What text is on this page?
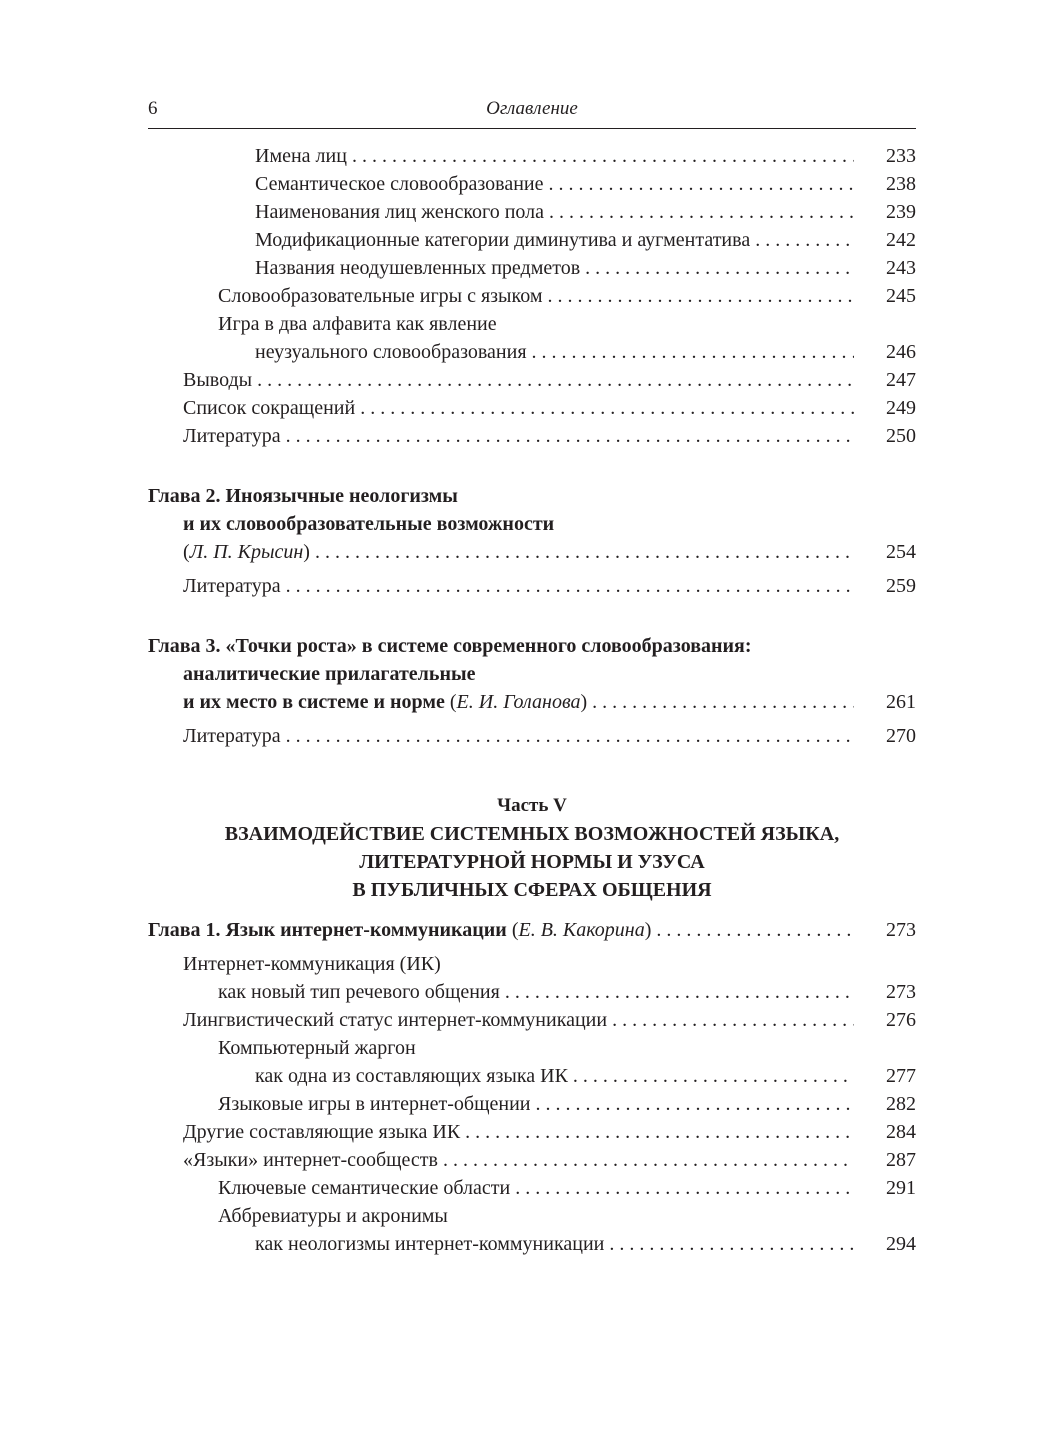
6	Оглавление
Имена лиц . . .	233
Семантическое словообразование . . .	238
Наименования лиц женского пола . . .	239
Модификационные категории диминутива и аугментатива . . .	242
Названия неодушевленных предметов . . .	243
Словообразовательные игры с языком . . .	245
Игра в два алфавита как явление
неузуального словообразования . . .	246
Выводы . . .	247
Список сокращений . . .	249
Литература . . .	250
Глава 2. Иноязычные неологизмы
и их словообразовательные возможности
(Л. П. Крысин) . . .	254
Литература . . .	259
Глава 3. «Точки роста» в системе современного словообразования:
аналитические прилагательные
и их место в системе и норме (Е. И. Голанова) . . .	261
Литература . . .	270
Часть V
ВЗАИМОДЕЙСТВИЕ СИСТЕМНЫХ ВОЗМОЖНОСТЕЙ ЯЗЫКА,
ЛИТЕРАТУРНОЙ НОРМЫ И УЗУСА
В ПУБЛИЧНЫХ СФЕРАХ ОБЩЕНИЯ
Глава 1. Язык интернет-коммуникации (Е. В. Какорина) . . .	273
Интернет-коммуникация (ИК)
как новый тип речевого общения . . .	273
Лингвистический статус интернет-коммуникации . . .	276
Компьютерный жаргон
как одна из составляющих языка ИК . . .	277
Языковые игры в интернет-общении . . .	282
Другие составляющие языка ИК . . .	284
«Языки» интернет-сообществ . . .	287
Ключевые семантические области . . .	291
Аббревиатуры и акронимы
как неологизмы интернет-коммуникации . . .	294
